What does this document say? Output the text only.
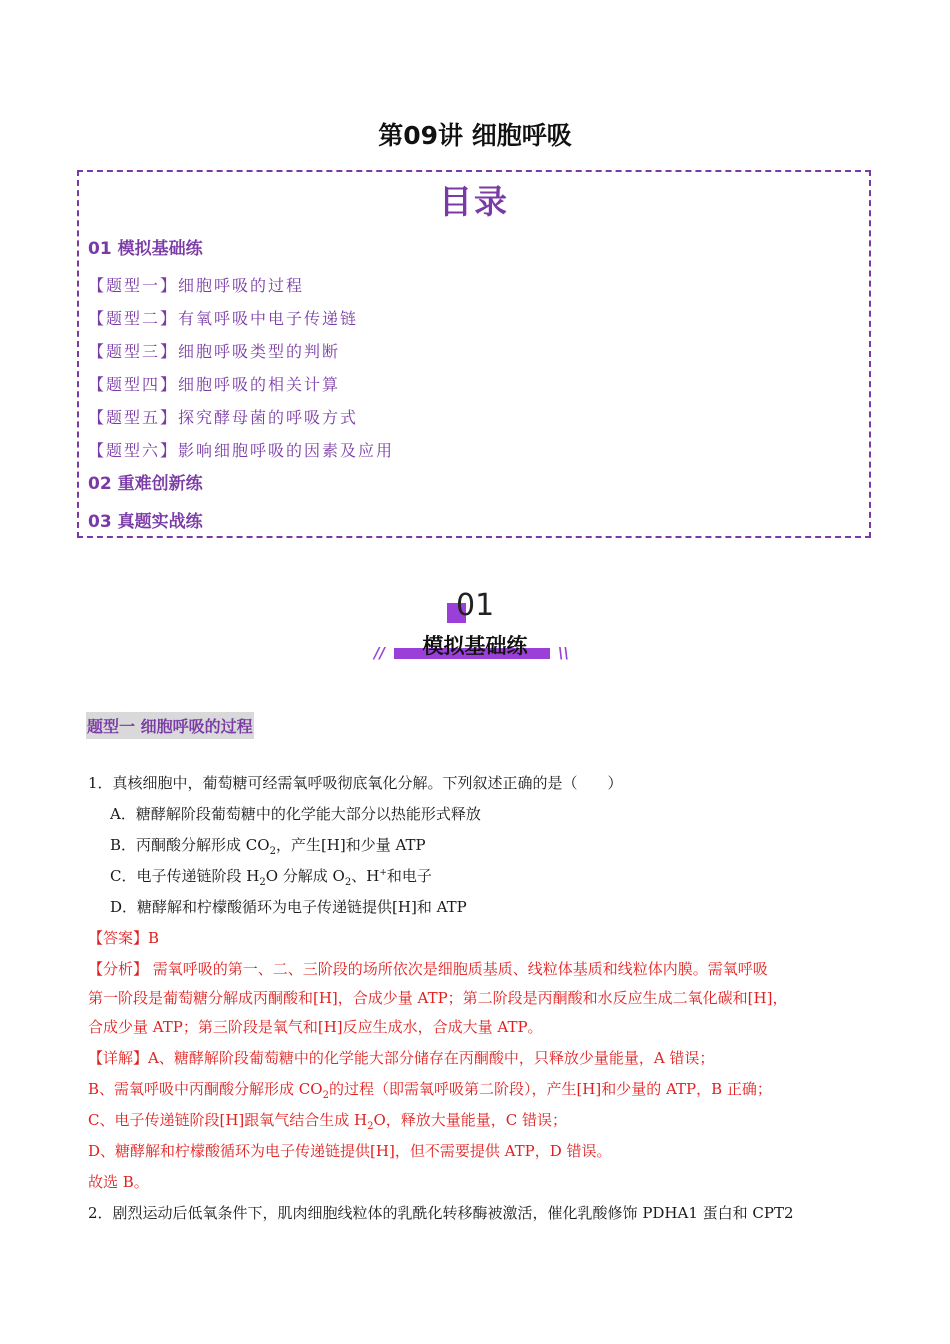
第09讲 细胞呼吸
目录
01 模拟基础练
【题型一】细胞呼吸的过程
【题型二】有氧呼吸中电子传递链
【题型三】细胞呼吸类型的判断
【题型四】细胞呼吸的相关计算
【题型五】探究酵母菌的呼吸方式
【题型六】影响细胞呼吸的因素及应用
02 重难创新练
03 真题实战练
01
模拟基础练
//	\\
题型一 细胞呼吸的过程
1．真核细胞中，葡萄糖可经需氧呼吸彻底氧化分解。下列叙述正确的是（　　）
A．糖酵解阶段葡萄糖中的化学能大部分以热能形式释放
B．丙酮酸分解形成 $CO_2$，产生[H]和少量 ATP
C．电子传递链阶段 $H_2O$ 分解成 $O_2$、H+和电子
D．糖酵解和柠檬酸循环为电子传递链提供[H]和 ATP
【答案】B
【分析】 需氧呼吸的第一、二、三阶段的场所依次是细胞质基质、线粒体基质和线粒体内膜。需氧呼吸
第一阶段是葡萄糖分解成丙酮酸和[H]，合成少量 ATP；第二阶段是丙酮酸和水反应生成二氧化碳和[H]，
合成少量 ATP；第三阶段是氧气和[H]反应生成水，合成大量 ATP。
【详解】A、糖酵解阶段葡萄糖中的化学能大部分储存在丙酮酸中，只释放少量能量，A 错误；
B、需氧呼吸中丙酮酸分解形成 $CO_2$的过程（即需氧呼吸第二阶段），产生[H]和少量的 ATP，B 正确；
C、电子传递链阶段[H]跟氧气结合生成 $H_2O$，释放大量能量，C 错误；
D、糖酵解和柠檬酸循环为电子传递链提供[H]，但不需要提供 ATP，D 错误。
故选 B。
2．剧烈运动后低氧条件下，肌肉细胞线粒体的乳酰化转移酶被激活，催化乳酸修饰 PDHA1 蛋白和 CPT2
